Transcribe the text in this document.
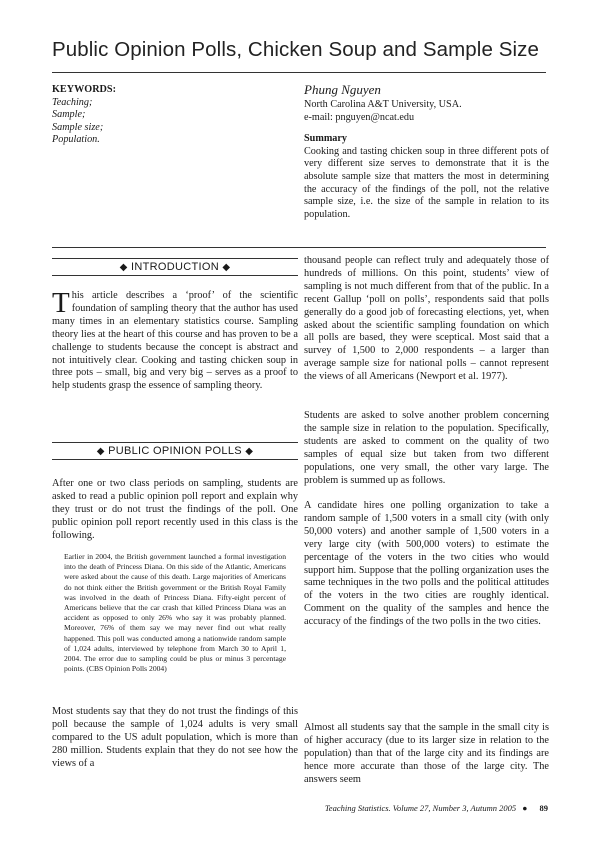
Public Opinion Polls, Chicken Soup and Sample Size
KEYWORDS:

Teaching;
Sample;
Sample size;
Population.
Phung Nguyen
North Carolina A&T University, USA.
e-mail: pnguyen@ncat.edu
Summary
Cooking and tasting chicken soup in three different pots of very different size serves to demonstrate that it is the absolute sample size that matters the most in determining the accuracy of the findings of the poll, not the relative sample size, i.e. the size of the sample in relation to its population.
◆ INTRODUCTION ◆

This article describes a ‘proof’ of the scientific foundation of sampling theory that the author has used many times in an elementary statistics course. Sampling theory lies at the heart of this course and has proven to be a challenge to students because the concept is abstract and not intuitively clear. Cooking and tasting chicken soup in three pots – small, big and very big – serves as a proof to help students grasp the essence of sampling theory.

◆ PUBLIC OPINION POLLS ◆

After one or two class periods on sampling, students are asked to read a public opinion poll report and explain why they trust or do not trust the findings of the poll. One public opinion poll report recently used in this class is the following.

Earlier in 2004, the British government launched a formal investigation into the death of Princess Diana. On this side of the Atlantic, Americans were asked about the cause of this death. Large majorities of Americans do not think either the British government or the British Royal Family was involved in the death of Princess Diana. Fifty-eight percent of Americans believe that the car crash that killed Princess Diana was an accident as opposed to only 26% who say it was probably planned. Moreover, 76% of them say we may never find out what really happened. This poll was conducted among a nationwide random sample of 1,024 adults, interviewed by telephone from March 30 to April 1, 2004. The error due to sampling could be plus or minus 3 percentage points. (CBS Opinion Polls 2004)

Most students say that they do not trust the findings of this poll because the sample of 1,024 adults is very small compared to the US adult population, which is more than 280 million. Students explain that they do not see how the views of a

thousand people can reflect truly and adequately those of hundreds of millions. On this point, students’ view of sampling is not much different from that of the public. In a recent Gallup ‘poll on polls’, respondents said that polls generally do a good job of forecasting elections, yet, when asked about the scientific sampling foundation on which all polls are based, they were sceptical. Most said that a survey of 1,500 to 2,000 respondents – a larger than average sample size for national polls – cannot represent the views of all Americans (Newport et al. 1977).

Students are asked to solve another problem concerning the sample size in relation to the population. Specifically, students are asked to comment on the quality of two samples of equal size but taken from two different populations, one very small, the other vary large. The problem is summed up as follows.

A candidate hires one polling organization to take a random sample of 1,500 voters in a small city (with only 50,000 voters) and another sample of 1,500 voters in a very large city (with 500,000 voters) to estimate the percentage of the voters in the two cities who would support him. Suppose that the polling organization uses the same techniques in the two polls and the political attitudes of the voters in the two cities are roughly identical. Comment on the quality of the samples and hence the accuracy of the findings of the two polls in the two cities.

Almost all students say that the sample in the small city is of higher accuracy (due to its larger size in relation to the population) than that of the large city and its findings are hence more accurate than those of the large city. The answers seem

Teaching Statistics. Volume 27, Number 3, Autumn 2005 ● 89
